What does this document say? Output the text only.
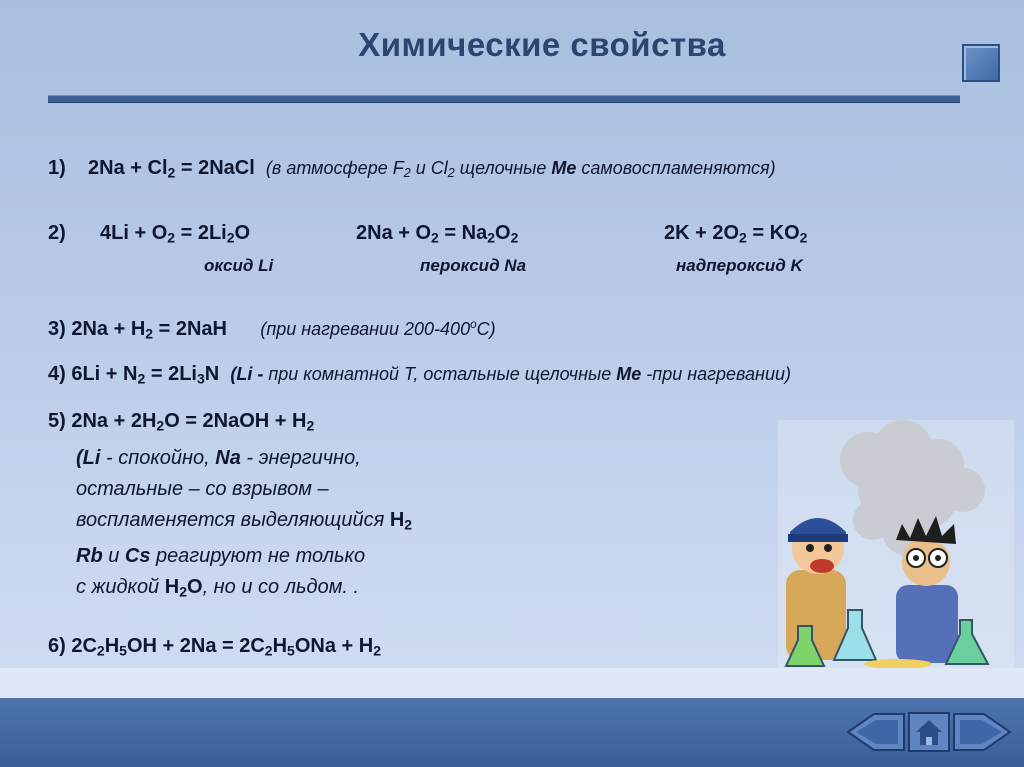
Химические свойства
1) $2Na + Cl_2$ = 2NaCl (в атмосфере $F_2$ и $Cl_2$ щелочные Me самовоспламеняются)
2) $4Li + O_2 = 2Li_2O$	$2Na + O_2 = Na_2O_2$	$2K + 2O_2 = KO_2$
оксид Li	пероксид Na	надпероксид K
3) $2Na + H_2 = 2NaH$ (при нагревании 200-400$^o$С)
4) $6Li + N_2 = 2Li_3N$ (Li - при комнатной T, остальные щелочные Me -при нагревании)
5) $2Na + 2H_2O$ = 2NaOH + $H_2$
(Li - спокойно, Na - энергично,
остальные – со взрывом –
воспламеняется выделяющийся $H_2$
Rb и Cs реагируют не только
с жидкой $H_2O$, но и со льдом. .
6) $2C_2H_5OH + 2Na = 2C_2H_5ONa + H_2$
